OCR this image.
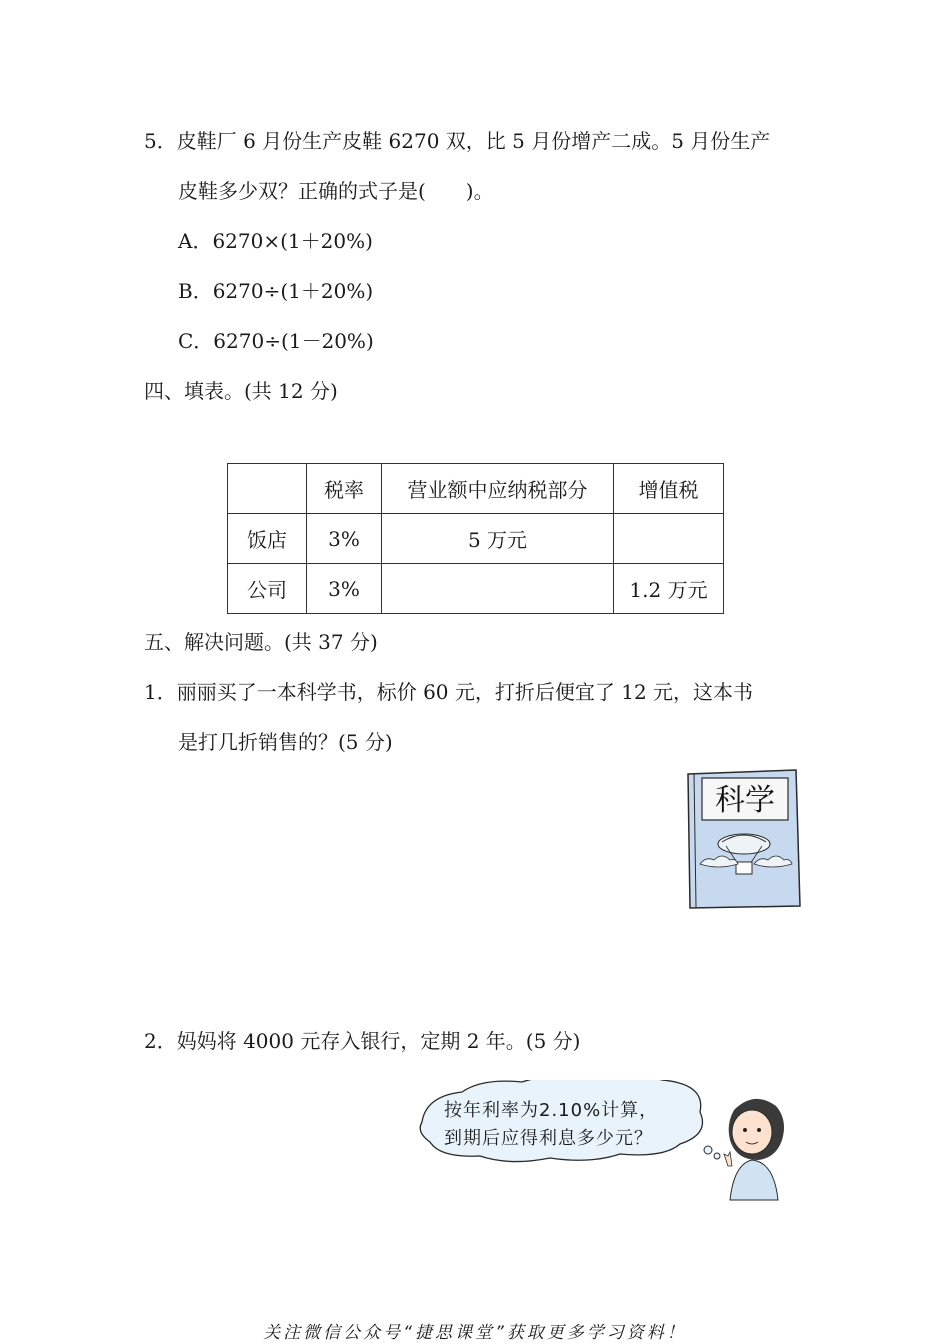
5．皮鞋厂 6 月份生产皮鞋 6270 双，比 5 月份增产二成。5 月份生产
皮鞋多少双？正确的式子是(　　)。
A．6270×(1＋20%)
B．6270÷(1＋20%)
C．6270÷(1－20%)
四、填表。(共 12 分)
	税率	营业额中应纳税部分	增值税
饭店	3%	5 万元	
公司	3%		1.2 万元
五、解决问题。(共 37 分)
1．丽丽买了一本科学书，标价 60 元，打折后便宜了 12 元，这本书
是打几折销售的？(5 分)
科学
2．妈妈将 4000 元存入银行，定期 2 年。(5 分)
按年利率为2.10%计算，
到期后应得利息多少元？
关注微信公众号“捷思课堂”获取更多学习资料！
